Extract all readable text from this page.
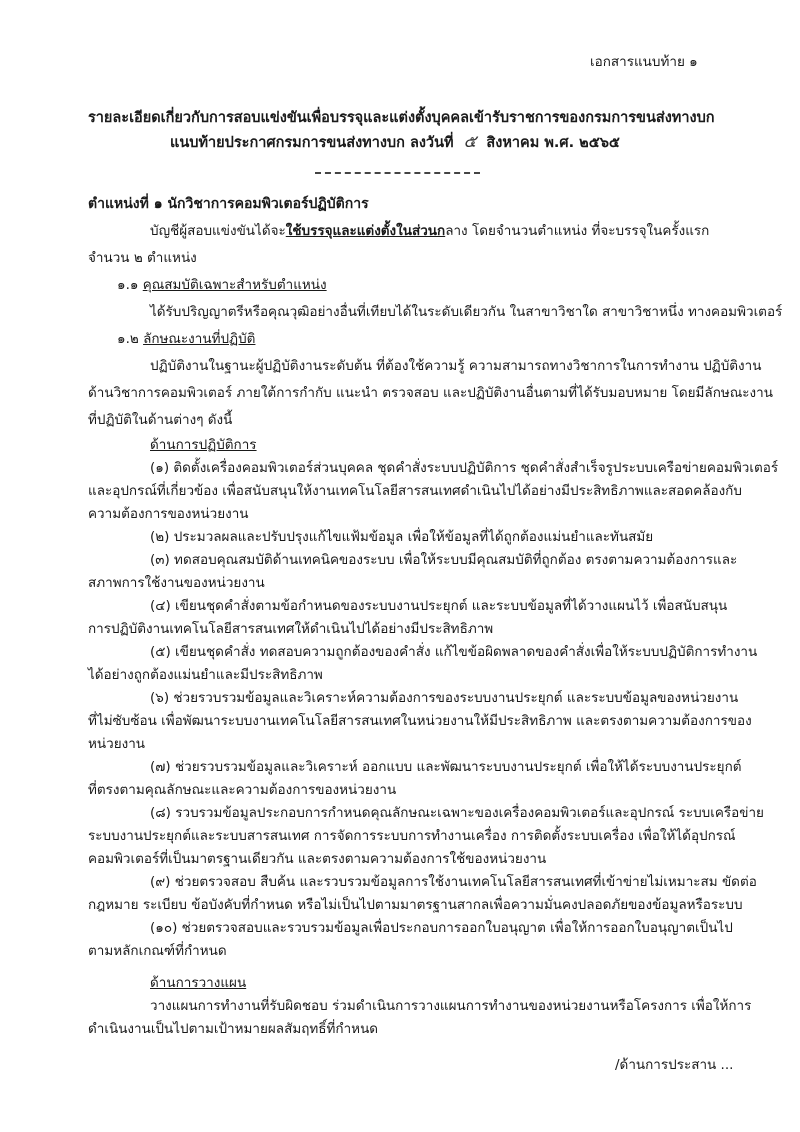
เอกสารแนบท้าย ๑
รายละเอียดเกี่ยวกับการสอบแข่งขันเพื่อบรรจุและแต่งตั้งบุคคลเข้ารับราชการของกรมการขนส่งทางบก
แนบท้ายประกาศกรมการขนส่งทางบก ลงวันที่ ๕ สิงหาคม พ.ศ. ๒๕๖๕
ตำแหน่งที่ ๑ นักวิชาการคอมพิวเตอร์ปฏิบัติการ
บัญชีผู้สอบแข่งขันได้จะใช้บรรจุและแต่งตั้งในส่วนกลาง โดยจำนวนตำแหน่ง ที่จะบรรจุในครั้งแรก
จำนวน ๒ ตำแหน่ง
๑.๑ คุณสมบัติเฉพาะสำหรับตำแหน่ง
ได้รับปริญญาตรีหรือคุณวุฒิอย่างอื่นที่เทียบได้ในระดับเดียวกัน ในสาขาวิชาใด สาขาวิชาหนึ่ง ทางคอมพิวเตอร์
๑.๒ ลักษณะงานที่ปฏิบัติ
ปฏิบัติงานในฐานะผู้ปฏิบัติงานระดับต้น ที่ต้องใช้ความรู้ ความสามารถทางวิชาการในการทำงาน ปฏิบัติงาน
ด้านวิชาการคอมพิวเตอร์ ภายใต้การกำกับ แนะนำ ตรวจสอบ และปฏิบัติงานอื่นตามที่ได้รับมอบหมาย โดยมีลักษณะงาน
ที่ปฏิบัติในด้านต่างๆ ดังนี้
ด้านการปฏิบัติการ
(๑) ติดตั้งเครื่องคอมพิวเตอร์ส่วนบุคคล ชุดคำสั่งระบบปฏิบัติการ ชุดคำสั่งสำเร็จรูประบบเครือข่ายคอมพิวเตอร์
และอุปกรณ์ที่เกี่ยวข้อง เพื่อสนับสนุนให้งานเทคโนโลยีสารสนเทศดำเนินไปได้อย่างมีประสิทธิภาพและสอดคล้องกับ
ความต้องการของหน่วยงาน
(๒) ประมวลผลและปรับปรุงแก้ไขแฟ้มข้อมูล เพื่อให้ข้อมูลที่ได้ถูกต้องแม่นยำและทันสมัย
(๓) ทดสอบคุณสมบัติด้านเทคนิคของระบบ เพื่อให้ระบบมีคุณสมบัติที่ถูกต้อง ตรงตามความต้องการและ
สภาพการใช้งานของหน่วยงาน
(๔) เขียนชุดคำสั่งตามข้อกำหนดของระบบงานประยุกต์ และระบบข้อมูลที่ได้วางแผนไว้ เพื่อสนับสนุน
การปฏิบัติงานเทคโนโลยีสารสนเทศให้ดำเนินไปได้อย่างมีประสิทธิภาพ
(๕) เขียนชุดคำสั่ง ทดสอบความถูกต้องของคำสั่ง แก้ไขข้อผิดพลาดของคำสั่งเพื่อให้ระบบปฏิบัติการทำงาน
ได้อย่างถูกต้องแม่นยำและมีประสิทธิภาพ
(๖) ช่วยรวบรวมข้อมูลและวิเคราะห์ความต้องการของระบบงานประยุกต์ และระบบข้อมูลของหน่วยงาน
ที่ไม่ซับซ้อน เพื่อพัฒนาระบบงานเทคโนโลยีสารสนเทศในหน่วยงานให้มีประสิทธิภาพ และตรงตามความต้องการของ
หน่วยงาน
(๗) ช่วยรวบรวมข้อมูลและวิเคราะห์ ออกแบบ และพัฒนาระบบงานประยุกต์ เพื่อให้ได้ระบบงานประยุกต์
ที่ตรงตามคุณลักษณะและความต้องการของหน่วยงาน
(๘) รวบรวมข้อมูลประกอบการกำหนดคุณลักษณะเฉพาะของเครื่องคอมพิวเตอร์และอุปกรณ์ ระบบเครือข่าย
ระบบงานประยุกต์และระบบสารสนเทศ การจัดการระบบการทำงานเครื่อง การติดตั้งระบบเครื่อง เพื่อให้ได้อุปกรณ์
คอมพิวเตอร์ที่เป็นมาตรฐานเดียวกัน และตรงตามความต้องการใช้ของหน่วยงาน
(๙) ช่วยตรวจสอบ สืบค้น และรวบรวมข้อมูลการใช้งานเทคโนโลยีสารสนเทศที่เข้าข่ายไม่เหมาะสม ขัดต่อ
กฎหมาย ระเบียบ ข้อบังคับที่กำหนด หรือไม่เป็นไปตามมาตรฐานสากลเพื่อความมั่นคงปลอดภัยของข้อมูลหรือระบบ
(๑๐) ช่วยตรวจสอบและรวบรวมข้อมูลเพื่อประกอบการออกใบอนุญาต เพื่อให้การออกใบอนุญาตเป็นไป
ตามหลักเกณฑ์ที่กำหนด
ด้านการวางแผน
วางแผนการทำงานที่รับผิดชอบ ร่วมดำเนินการวางแผนการทำงานของหน่วยงานหรือโครงการ เพื่อให้การ
ดำเนินงานเป็นไปตามเป้าหมายผลสัมฤทธิ์ที่กำหนด
/ด้านการประสาน ...
